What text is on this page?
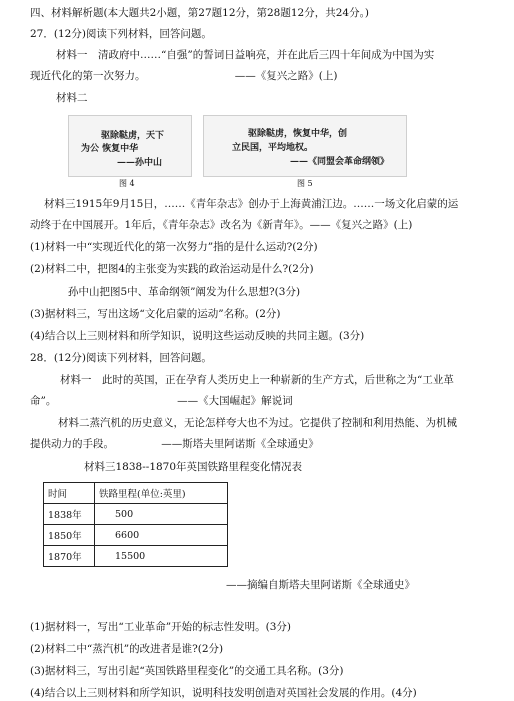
四、材料解析题(本大题共2小题，第27题12分，第28题12分，共24分。)
27．(12分)阅读下列材料，回答问题。
材料一　清政府中……“自强”的誓词日益响亮，并在此后三四十年间成为中国为实
现近代化的第一次努力。　　　　　　　　　——《复兴之路》(上)
材料二
驱除鞑虏，天下
为公 恢复中华
——孙中山
驱除鞑虏，恢复中华，创
立民国，平均地权。
——《同盟会革命纲领》
图 4	图 5
材料三1915年9月15日，……《青年杂志》创办于上海黄浦江边。……一场文化启蒙的运
动终于在中国展开。1年后，《青年杂志》改名为《新青年》。——《复兴之路》(上)
(1)材料一中“实现近代化的第一次努力”指的是什么运动?(2分)
(2)材料二中，把图4的主张变为实践的政治运动是什么?(2分)
孙中山把图5中、革命纲领”阐发为什么思想?(3分)
(3)据材料三，写出这场“文化启蒙的运动”名称。(2分)
(4)结合以上三则材料和所学知识，说明这些运动反映的共同主题。(3分)
28．(12分)阅读下列材料，回答问题。
材料一　此时的英国，正在孕育人类历史上一种崭新的生产方式，后世称之为“工业革
命”。　　　　　　　　　　　　——《大国崛起》解说词
材料二蒸汽机的历史意义，无论怎样夸大也不为过。它提供了控制和利用热能、为机械
提供动力的手段。　　　　　——斯塔夫里阿诺斯《全球通史》
材料三1838--1870年英国铁路里程变化情况表
时间	铁路里程(单位:英里)
1838年	500
1850年	6600
1870年	15500
——摘编自斯塔夫里阿诺斯《全球通史》
(1)据材料一，写出“工业革命”开始的标志性发明。(3分)
(2)材料二中“蒸汽机”的改进者是谁?(2分)
(3)据材料三，写出引起“英国铁路里程变化”的交通工具名称。(3分)
(4)结合以上三则材料和所学知识，说明科技发明创造对英国社会发展的作用。(4分)
